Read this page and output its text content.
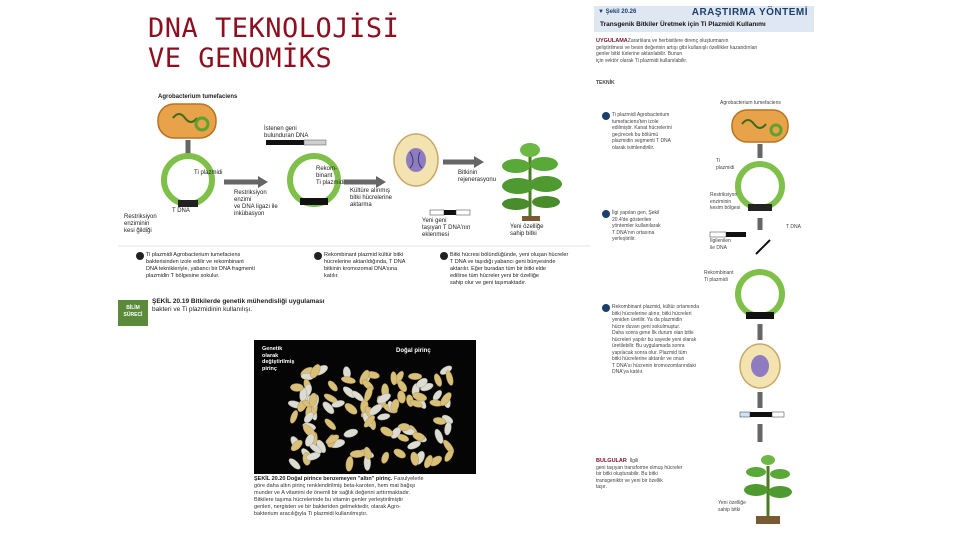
DNA TEKNOLOJİSİ
VE GENOMİKS
Agrobacterium tumefaciens
Ti plazmidi
Restriksiyon
enziminin
kesi ğildiği
T DNA
İstenen geni
bulunduran DNA
Restriksiyon
enzimi
ve DNA ligazı ile
inkübasyon
Rekom-
binant
Ti plazmidi
Kültüre alınmış
bitki hücrelerine
aktarma
Bitkinin
rejenerasyonu
Yeni özelliğe
sahip bitki
Yeni geni
taşıyan T DNA'nın
eklenmesi
Ti plazmidi Agrobacterium tumefaciens
bakterisinden izole edilir ve rekombinant
DNA teknikleriyle, yabancı bir DNA fragmenti
plazmidin T bölgesine sokulur.
Rekombinant plazmid kültür bitki
hücrelerine aktarıldığında, T DNA
bitkinin kromozomal DNA'sına
katılır.
Bitki hücresi bölündüğünde, yeni oluşan hücreler
T DNA ve taşıdığı yabancı geni bünyesinde
aktarılır. Eğer buradan tüm bir bitki elde
edilirse tüm hücreler yeni bir özelliğe
sahip olur ve geni taşımaktadır.
BİLİM
SÜRECİ
ŞEKİL 20.19 Bitkilerde genetik mühendisliği uygulaması
bakteri ve Ti plazmidinin kullanılışı.
Genetik
olarak
değiştirilmiş
pirinç
Doğal pirinç
ŞEKİL 20.20 Doğal pirince benzemeyen "altın" pirinç. Fasulyelerle
göre daha altın pirinç renklendirilmiş beta-karoten, hem mat bağışı
munder ve A vitamini de önemli bir sağlık değerini arttırmaktadır.
Bitkilere taşıma hücrelerinde bu vitamin genler yerleştirilmiştir
genleri, nergisten ve bir bakteriden gelmektedir, olarak Agro-
bakterium aracılığıyla Ti plazmidi kullanılmıştır.
▼ Şekil 20.26	ARAŞTIRMA YÖNTEMİ
Transgenik Bitkiler Üretmek için Ti Plazmidi Kullanımı
UYGULAMAZararlılara ve herbisitlere direnç oluşturmanın
geliştirilmesi ve besin değerinin artışı gibi kullanışlı özellikler kazandırılan
genler bitki türlerine aktarılabilir. Bunun
için vektör olarak Ti plazmidi kullanılabilir.
TEKNİK
Agrobacterium tumefaciens
Ti plazmidi Agrobacterium
tumefaciens'ten izole
edilmiştir. Kanat hücrelerini
geçirecek bu bölümü
plazmidin segmenti T DNA
olarak isimlendirilir.
Ti
plazmidi
Restriksiyon
enziminin
kesim bölgesi
T DNA
İlgi yapılan gen, Şekil
20.4'de gösterilen
yöntemler kullanılarak
T DNA'nın ortasına
yerleştirilir.	İlgilenilen
ile DNA
Rekombinant
Ti plazmidi
Rekombinant plazmid, kültür ortamında
bitki hücrelerine alınır, bitki hücreleri
yeniden üretilir. Ya da plazmidin
hücre duvarı geni sokulmuştur.
Daha sonra gene İlk durum olan bitki
hücreleri yapılır bu sayede yeni olarak
üretilebilir. Bu uygulamada sonra
yapılacak sonra olur. Plazmid tüm
bitki hücrelerine aktarılır ve onun
T DNA'sı hücrenin kromozomlarındaki
DNA'ya katılır.
BULGULAR İlgili
geni taşıyan transforme olmuş hücreler
bir bitki oluşturabilir. Bu bitki
transgeniktir ve yeni bir özellik
taşır.
Yeni özelliğe
sahip bitki
